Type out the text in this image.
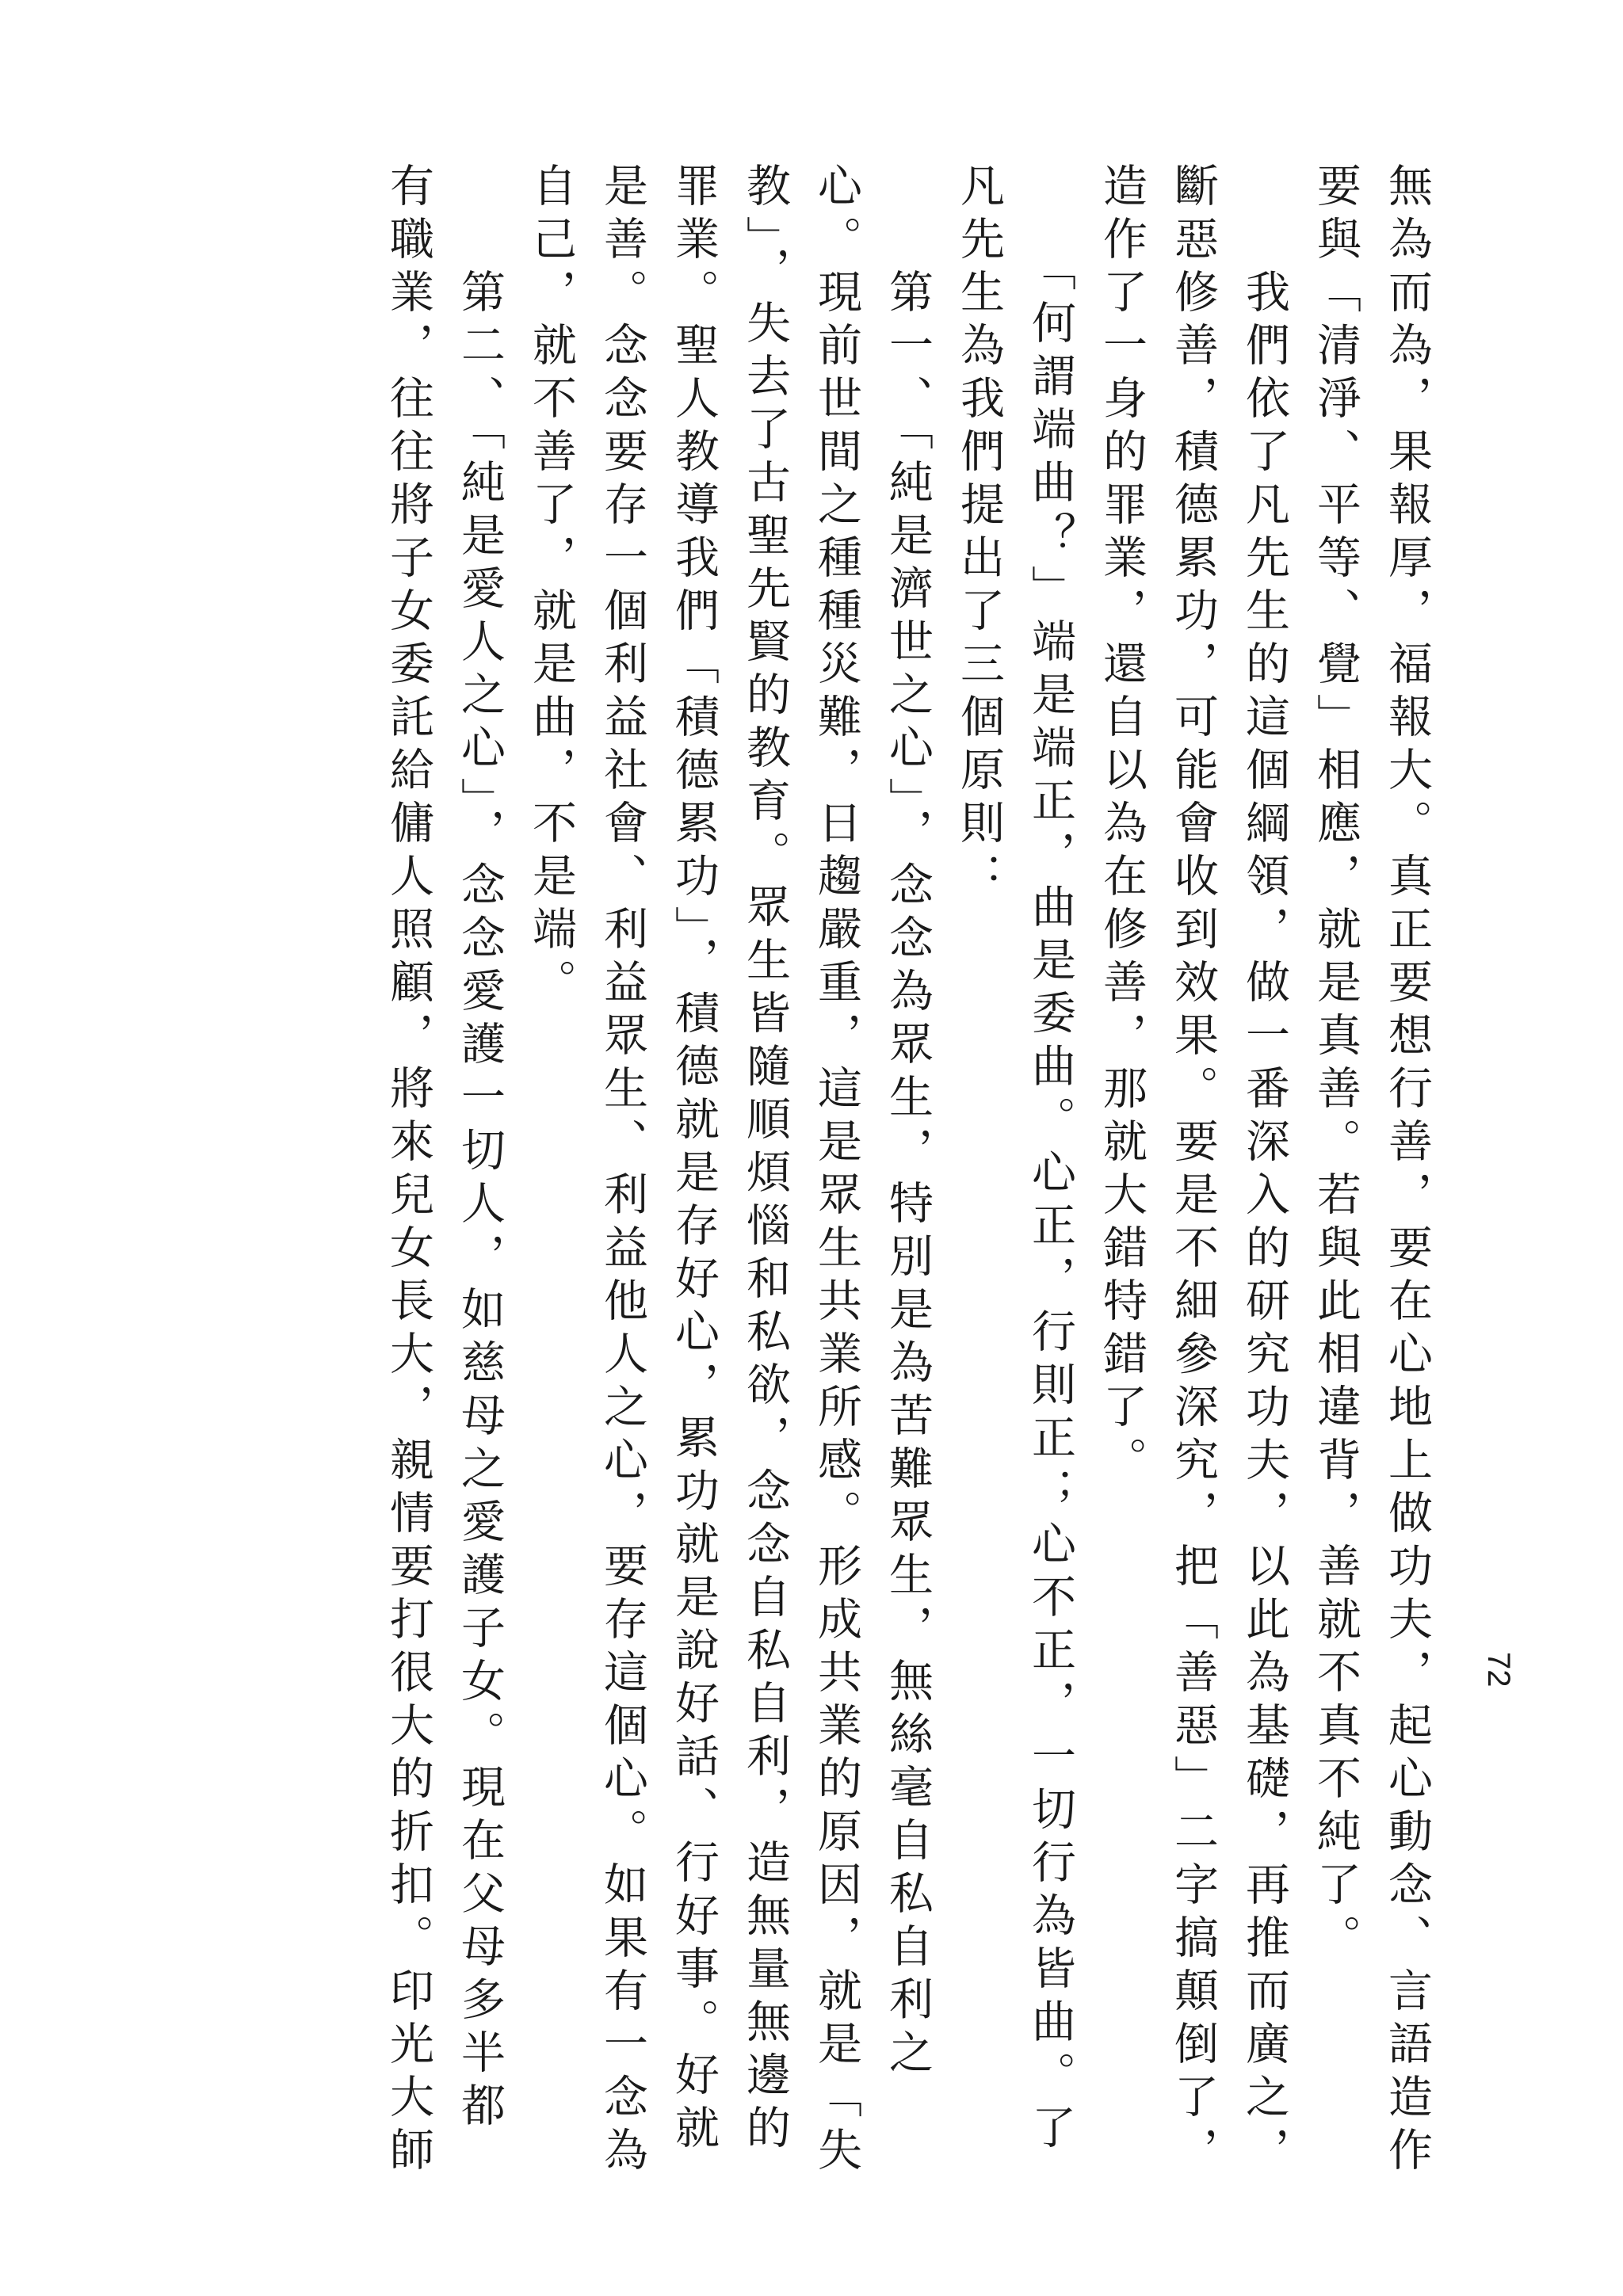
72
無為而為，果報厚，福報大。真正要想行善，要在心地上做功夫，起心動念、言語造作
要與「清淨、平等、覺」相應，就是真善。若與此相違背，善就不真不純了。
　　我們依了凡先生的這個綱領，做一番深入的研究功夫，以此為基礎，再推而廣之，
斷惡修善，積德累功，可能會收到效果。要是不細參深究，把「善惡」二字搞顛倒了，
造作了一身的罪業，還自以為在修善，那就大錯特錯了。
　　「何謂端曲？」端是端正，曲是委曲。心正，行則正；心不正，一切行為皆曲。了
凡先生為我們提出了三個原則：
　　第一、「純是濟世之心」，念念為眾生，特別是為苦難眾生，無絲毫自私自利之
心。現前世間之種種災難，日趨嚴重，這是眾生共業所感。形成共業的原因，就是「失
教」，失去了古聖先賢的教育。眾生皆隨順煩惱和私欲，念念自私自利，造無量無邊的
罪業。聖人教導我們「積德累功」，積德就是存好心，累功就是說好話、行好事。好就
是善。念念要存一個利益社會、利益眾生、利益他人之心，要存這個心。如果有一念為
自己，就不善了，就是曲，不是端。
　　第二、「純是愛人之心」，念念愛護一切人，如慈母之愛護子女。現在父母多半都
有職業，往往將子女委託給傭人照顧，將來兒女長大，親情要打很大的折扣。印光大師
